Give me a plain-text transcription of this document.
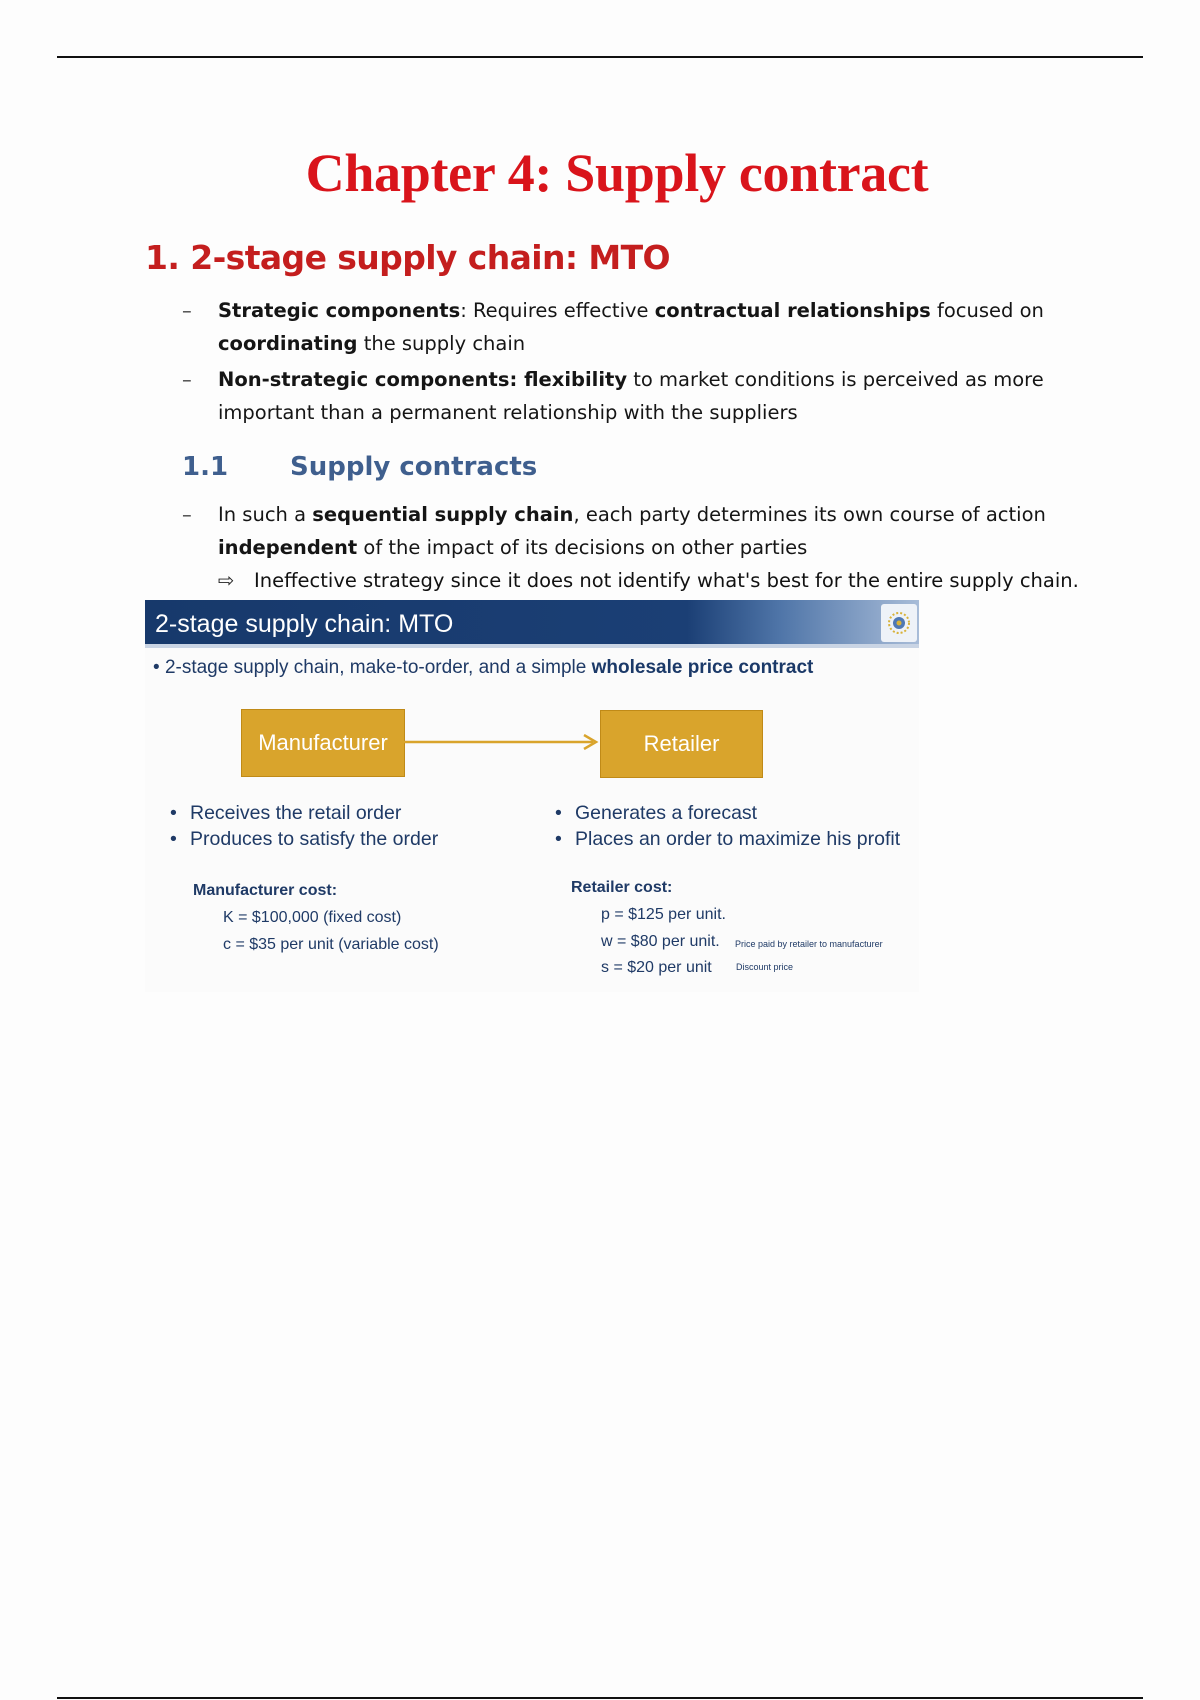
Chapter 4: Supply contract
1. 2-stage supply chain: MTO
– Strategic components: Requires effective contractual relationships focused on coordinating the supply chain
– Non-strategic components: flexibility to market conditions is perceived as more important than a permanent relationship with the suppliers
1.1 Supply contracts
– In such a sequential supply chain, each party determines its own course of action independent of the impact of its decisions on other parties
⇨ Ineffective strategy since it does not identify what's best for the entire supply chain.
2-stage supply chain: MTO
• 2-stage supply chain, make-to-order, and a simple wholesale price contract
Manufacturer	Retailer
• Receives the retail order
• Produces to satisfy the order
• Generates a forecast
• Places an order to maximize his profit
Manufacturer cost:
K = $100,000 (fixed cost)
c = $35 per unit (variable cost)
Retailer cost:
p = $125 per unit.
w = $80 per unit. Price paid by retailer to manufacturer
s = $20 per unit	Discount price
